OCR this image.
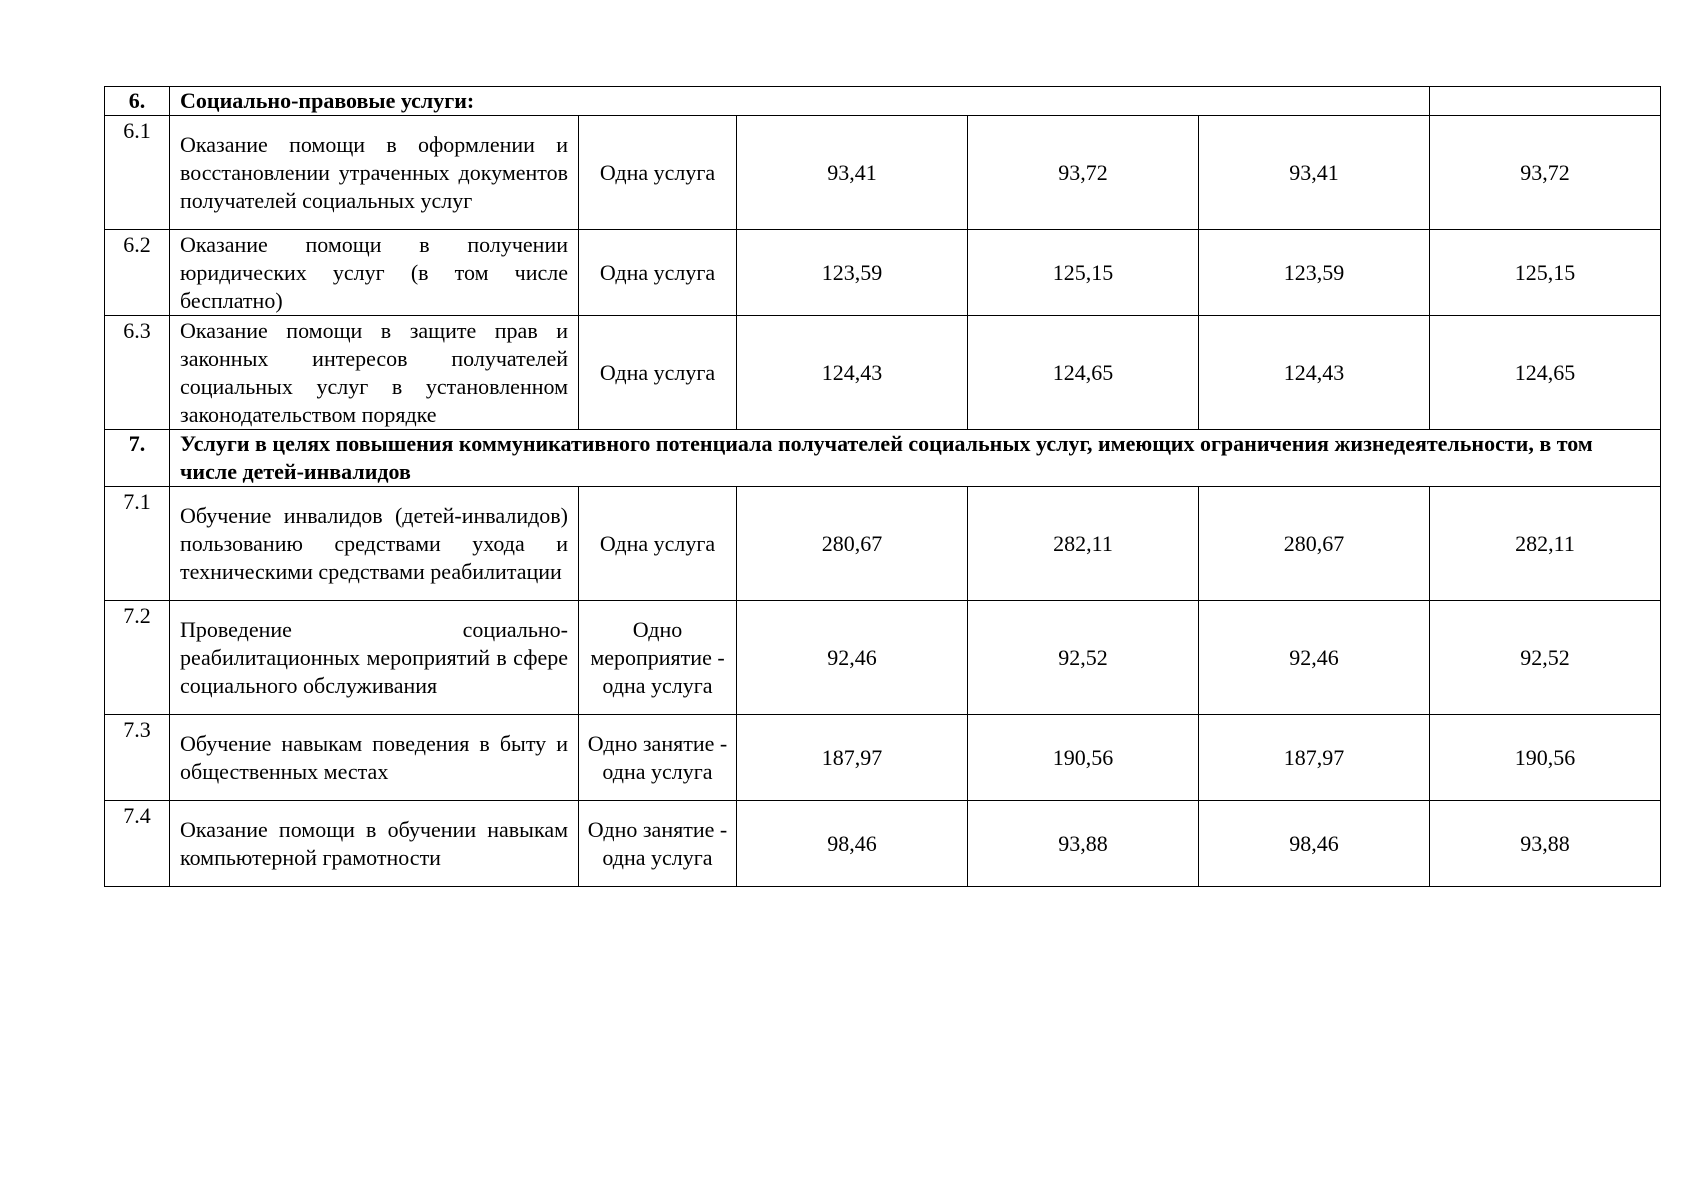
6.	Социально-правовые услуги:					
6.1	Оказание помощи в оформлении и восстановлении утраченных документов получателей социальных услуг	Одна услуга	93,41	93,72	93,41	93,72
6.2	Оказание помощи в получении юридических услуг (в том числе бесплатно)	Одна услуга	123,59	125,15	123,59	125,15
6.3	Оказание помощи в защите прав и законных интересов получателей социальных услуг в установленном законодательством порядке	Одна услуга	124,43	124,65	124,43	124,65
7.	Услуги в целях повышения коммуникативного потенциала получателей социальных услуг, имеющих ограничения жизнедеятельности, в том числе детей-инвалидов					
7.1	Обучение инвалидов (детей-инвалидов) пользованию средствами ухода и техническими средствами реабилитации	Одна услуга	280,67	282,11	280,67	282,11
7.2	Проведение социально-реабилитационных мероприятий в сфере социального обслуживания	Одно мероприятие - одна услуга	92,46	92,52	92,46	92,52
7.3	Обучение навыкам поведения в быту и общественных местах	Одно занятие - одна услуга	187,97	190,56	187,97	190,56
7.4	Оказание помощи в обучении навыкам компьютерной грамотности	Одно занятие - одна услуга	98,46	93,88	98,46	93,88
